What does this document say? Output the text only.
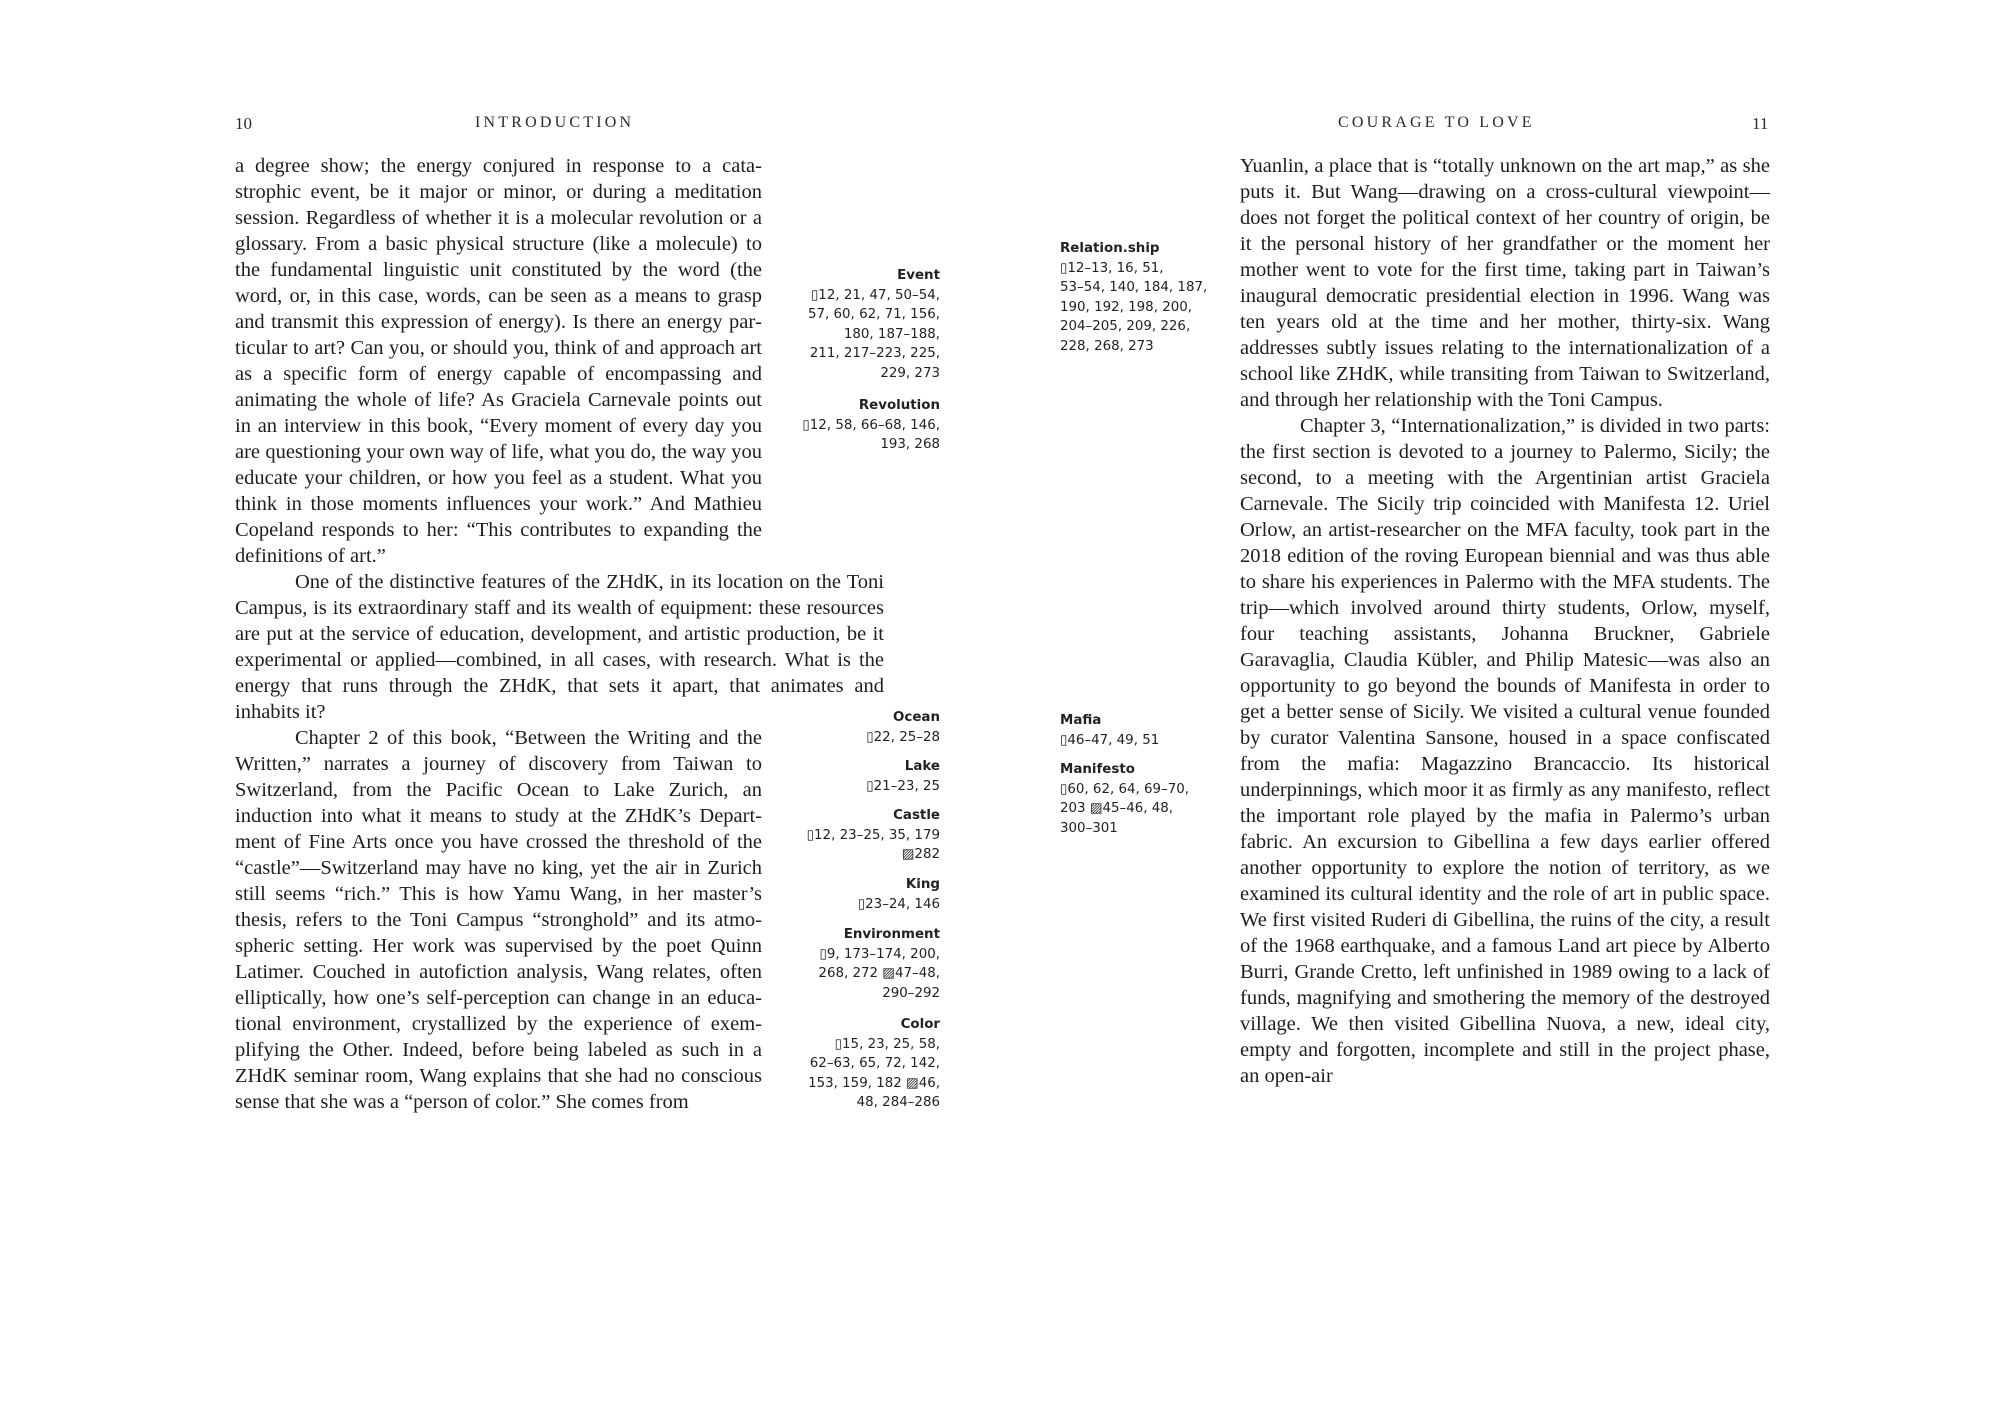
10	INTRODUCTION

a degree show; the energy conjured in response to a catastrophic event, be it major or minor, or during a meditation session. Regardless of whether it is a molecular revolution or a glossary. From a basic physical structure (like a molecule) to the fundamental linguistic unit constituted by the word (the word, or, in this case, words, can be seen as a means to grasp and transmit this expression of energy). Is there an energy particular to art? Can you, or should you, think of and approach art as a specific form of energy capable of encompassing and animating the whole of life? As Graciela Carnevale points out in an interview in this book, “Every moment of every day you are questioning your own way of life, what you do, the way you educate your children, or how you feel as a student. What you think in those moments influences your work.” And Mathieu Copeland responds to her: “This contributes to expanding the definitions of art.”

One of the distinctive features of the ZHdK, in its location on the Toni Campus, is its extraordinary staff and its wealth of equipment: these resources are put at the service of education, development, and artistic production, be it experimental or applied—combined, in all cases, with research. What is the energy that runs through the ZHdK, that sets it apart, that animates and inhabits it?

Chapter 2 of this book, “Between the Writing and the Written,” narrates a journey of discovery from Taiwan to Switzerland, from the Pacific Ocean to Lake Zurich, an induction into what it means to study at the ZHdK’s Department of Fine Arts once you have crossed the threshold of the “castle”—Switzerland may have no king, yet the air in Zurich still seems “rich.” This is how Yamu Wang, in her master’s thesis, refers to the Toni Campus “stronghold” and its atmospheric setting. Her work was supervised by the poet Quinn Latimer. Couched in autofiction analysis, Wang relates, often elliptically, how one’s self-perception can change in an educational environment, crystallized by the experience of exemplifying the Other. Indeed, before being labeled as such in a ZHdK seminar room, Wang explains that she had no conscious sense that she was a “person of color.” She comes from

Event
▯12, 21, 47, 50–54,
57, 60, 62, 71, 156,
180, 187–188,
211, 217–223, 225,
229, 273
Revolution
▯12, 58, 66–68, 146,
193, 268
Ocean
▯22, 25–28
Lake
▯21–23, 25
Castle
▯12, 23–25, 35, 179
▨282
King
▯23–24, 146
Environment
▯9, 173–174, 200,
268, 272 ▨47–48,
290–292
Color
▯15, 23, 25, 58,
62–63, 65, 72, 142,
153, 159, 182 ▨46,
48, 284–286
COURAGE TO LOVE	11
Relation.ship
▯12–13, 16, 51,
53–54, 140, 184, 187,
190, 192, 198, 200,
204–205, 209, 226,
228, 268, 273
Mafia
▯46–47, 49, 51
Manifesto
▯60, 62, 64, 69–70,
203 ▨45–46, 48,
300–301

Yuanlin, a place that is “totally unknown on the art map,” as she puts it. But Wang—drawing on a cross-cultural viewpoint—does not forget the political context of her country of origin, be it the personal history of her grandfather or the moment her mother went to vote for the first time, taking part in Taiwan’s inaugural democratic presidential election in 1996. Wang was ten years old at the time and her mother, thirty-six. Wang addresses subtly issues relating to the internationalization of a school like ZHdK, while transiting from Taiwan to Switzerland, and through her relationship with the Toni Campus.

Chapter 3, “Internationalization,” is divided in two parts: the first section is devoted to a journey to Palermo, Sicily; the second, to a meeting with the Argentinian artist Graciela Carnevale. The Sicily trip coincided with Manifesta 12. Uriel Orlow, an artist-researcher on the MFA faculty, took part in the 2018 edition of the roving European biennial and was thus able to share his experiences in Palermo with the MFA students. The trip—which involved around thirty students, Orlow, myself, four teaching assistants, Johanna Bruckner, Gabriele Garavaglia, Claudia Kübler, and Philip Matesic—was also an opportunity to go beyond the bounds of Manifesta in order to get a better sense of Sicily. We visited a cultural venue founded by curator Valentina Sansone, housed in a space confiscated from the mafia: Magazzino Brancaccio. Its historical underpinnings, which moor it as firmly as any manifesto, reflect the important role played by the mafia in Palermo’s urban fabric. An excursion to Gibellina a few days earlier offered another opportunity to explore the notion of territory, as we examined its cultural identity and the role of art in public space. We first visited Ruderi di Gibellina, the ruins of the city, a result of the 1968 earthquake, and a famous Land art piece by Alberto Burri, Grande Cretto, left unfinished in 1989 owing to a lack of funds, magnifying and smothering the memory of the destroyed village. We then visited Gibellina Nuova, a new, ideal city, empty and forgotten, incomplete and still in the project phase, an open-air
